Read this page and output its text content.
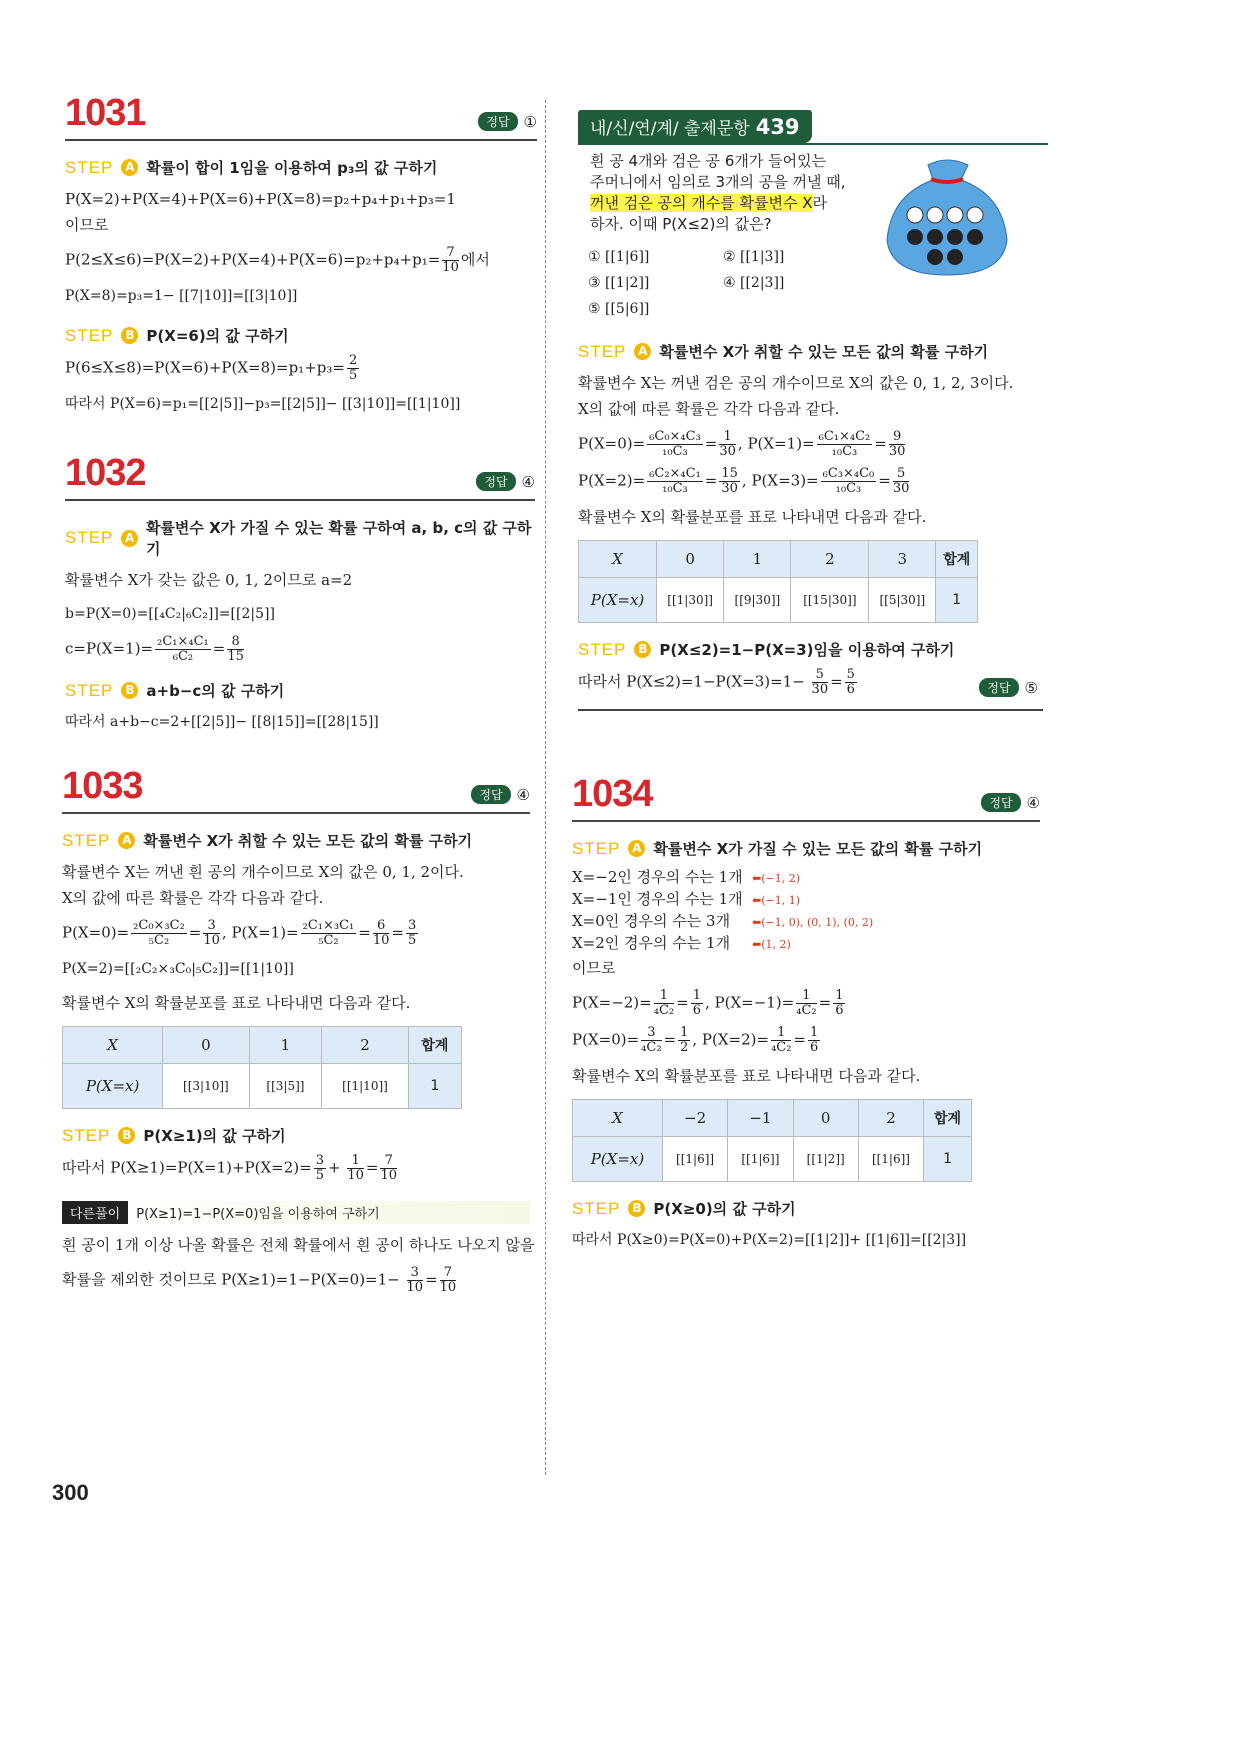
1031	정답 ①
STEP A 확률이 합이 1임을 이용하여 p₃의 값 구하기
P(X=2)+P(X=4)+P(X=6)+P(X=8)=p₂+p₄+p₁+p₃=1
이므로
$P(2\le X\le 6)=P(X=2)+P(X=4)+P(X=6)=p_2+p_4+p_1= \frac{7}{10}$ 에서
P(X=8)=p₃=1− [[7|10]]=[[3|10]]
STEP B P(X=6)의 값 구하기
$P(6\le X\le 8)=P(X=6)+P(X=8)=p_1+p_3= \frac{2}{5}$
따라서 P(X=6)=p₁=[[2|5]]−p₃=[[2|5]]− [[3|10]]=[[1|10]]
1032	정답 ④
STEP A
확률변수 X가 가질 수 있는 확률 구하여 a, b, c의 값 구하기
확률변수 X가 갖는 값은 0, 1, 2이므로 a=2
b=P(X=0)=[[₄C₂|₆C₂]]=[[2|5]]
$c=P(X=1)= \frac{\text{₂C₁×₄C₁}}{\text{₆C₂}} = \frac{8}{15}$
STEP B a+b−c의 값 구하기
따라서 a+b−c=2+[[2|5]]− [[8|15]]=[[28|15]]
1033	정답 ④
STEP A 확률변수 X가 취할 수 있는 모든 값의 확률 구하기
확률변수 X는 꺼낸 흰 공의 개수이므로 X의 값은 0, 1, 2이다.
X의 값에 따른 확률은 각각 다음과 같다.
$P(X=0)= \frac{\text{₂C₀×₃C₂}}{\text{₅C₂}} = \frac{3}{10}$ , $P(X=1)= \frac{\text{₂C₁×₃C₁}}{\text{₅C₂}} = \frac{6}{10} = \frac{3}{5}$
P(X=2)=[[₂C₂×₃C₀|₅C₂]]=[[1|10]]
확률변수 X의 확률분포를 표로 나타내면 다음과 같다.
X	0	1	2	합계
P(X=x)	[[3|10]]	[[3|5]]	[[1|10]]	1
STEP B P(X≥1)의 값 구하기
따라서 $P(X\ge 1)=P(X=1)+P(X=2)= \frac{3}{5} + \frac{1}{10} = \frac{7}{10}$
다른풀이 P(X≥1)=1−P(X=0)임을 이용하여 구하기
흰 공이 1개 이상 나올 확률은 전체 확률에서 흰 공이 하나도 나오지 않을
확률을 제외한 것이므로 $P(X\ge 1)=1-P(X=0)=1- \frac{3}{10} = \frac{7}{10}$
내/신/연/계/ 출제문항 439
흰 공 4개와 검은 공 6개가 들어있는
주머니에서 임의로 3개의 공을 꺼낼 때,
꺼낸 검은 공의 개수를 확률변수 X라
하자. 이때 P(X≤2)의 값은?
① [[1|6]]	② [[1|3]]
③ [[1|2]]	④ [[2|3]]
⑤ [[5|6]]
STEP A 확률변수 X가 취할 수 있는 모든 값의 확률 구하기
확률변수 X는 꺼낸 검은 공의 개수이므로 X의 값은 0, 1, 2, 3이다.
X의 값에 따른 확률은 각각 다음과 같다.
$P(X=0)= \frac{\text{₆C₀×₄C₃}}{\text{₁₀C₃}} = \frac{1}{30}$ , $P(X=1)= \frac{\text{₆C₁×₄C₂}}{\text{₁₀C₃}} = \frac{9}{30}$
$P(X=2)= \frac{\text{₆C₂×₄C₁}}{\text{₁₀C₃}} = \frac{15}{30}$ , $P(X=3)= \frac{\text{₆C₃×₄C₀}}{\text{₁₀C₃}} = \frac{5}{30}$
확률변수 X의 확률분포를 표로 나타내면 다음과 같다.
X	0	1	2	3	합계
P(X=x)	[[1|30]]	[[9|30]]	[[15|30]]	[[5|30]]	1
STEP B P(X≤2)=1−P(X=3)임을 이용하여 구하기
따라서 $P(X\le 2)=1-P(X=3)=1- \frac{5}{30} = \frac{5}{6}$	정답 ⑤
1034	정답 ④
STEP A 확률변수 X가 가질 수 있는 모든 값의 확률 구하기
X=−2인 경우의 수는 1개 ⬅(−1, 2)
X=−1인 경우의 수는 1개 ⬅(−1, 1)
X=0인 경우의 수는 3개 ⬅(−1, 0), (0, 1), (0, 2)
X=2인 경우의 수는 1개 ⬅(1, 2)
이므로
$P(X=-2)= \frac{1}{\text{₄C₂}} = \frac{1}{6}$ , $P(X=-1)= \frac{1}{\text{₄C₂}} = \frac{1}{6}$
$P(X=0)= \frac{3}{\text{₄C₂}} = \frac{1}{2}$ , $P(X=2)= \frac{1}{\text{₄C₂}} = \frac{1}{6}$
확률변수 X의 확률분포를 표로 나타내면 다음과 같다.
X	−2	−1	0	2	합계
P(X=x)	[[1|6]]	[[1|6]]	[[1|2]]	[[1|6]]	1
STEP B P(X≥0)의 값 구하기
따라서 P(X≥0)=P(X=0)+P(X=2)=[[1|2]]+ [[1|6]]=[[2|3]]
300
